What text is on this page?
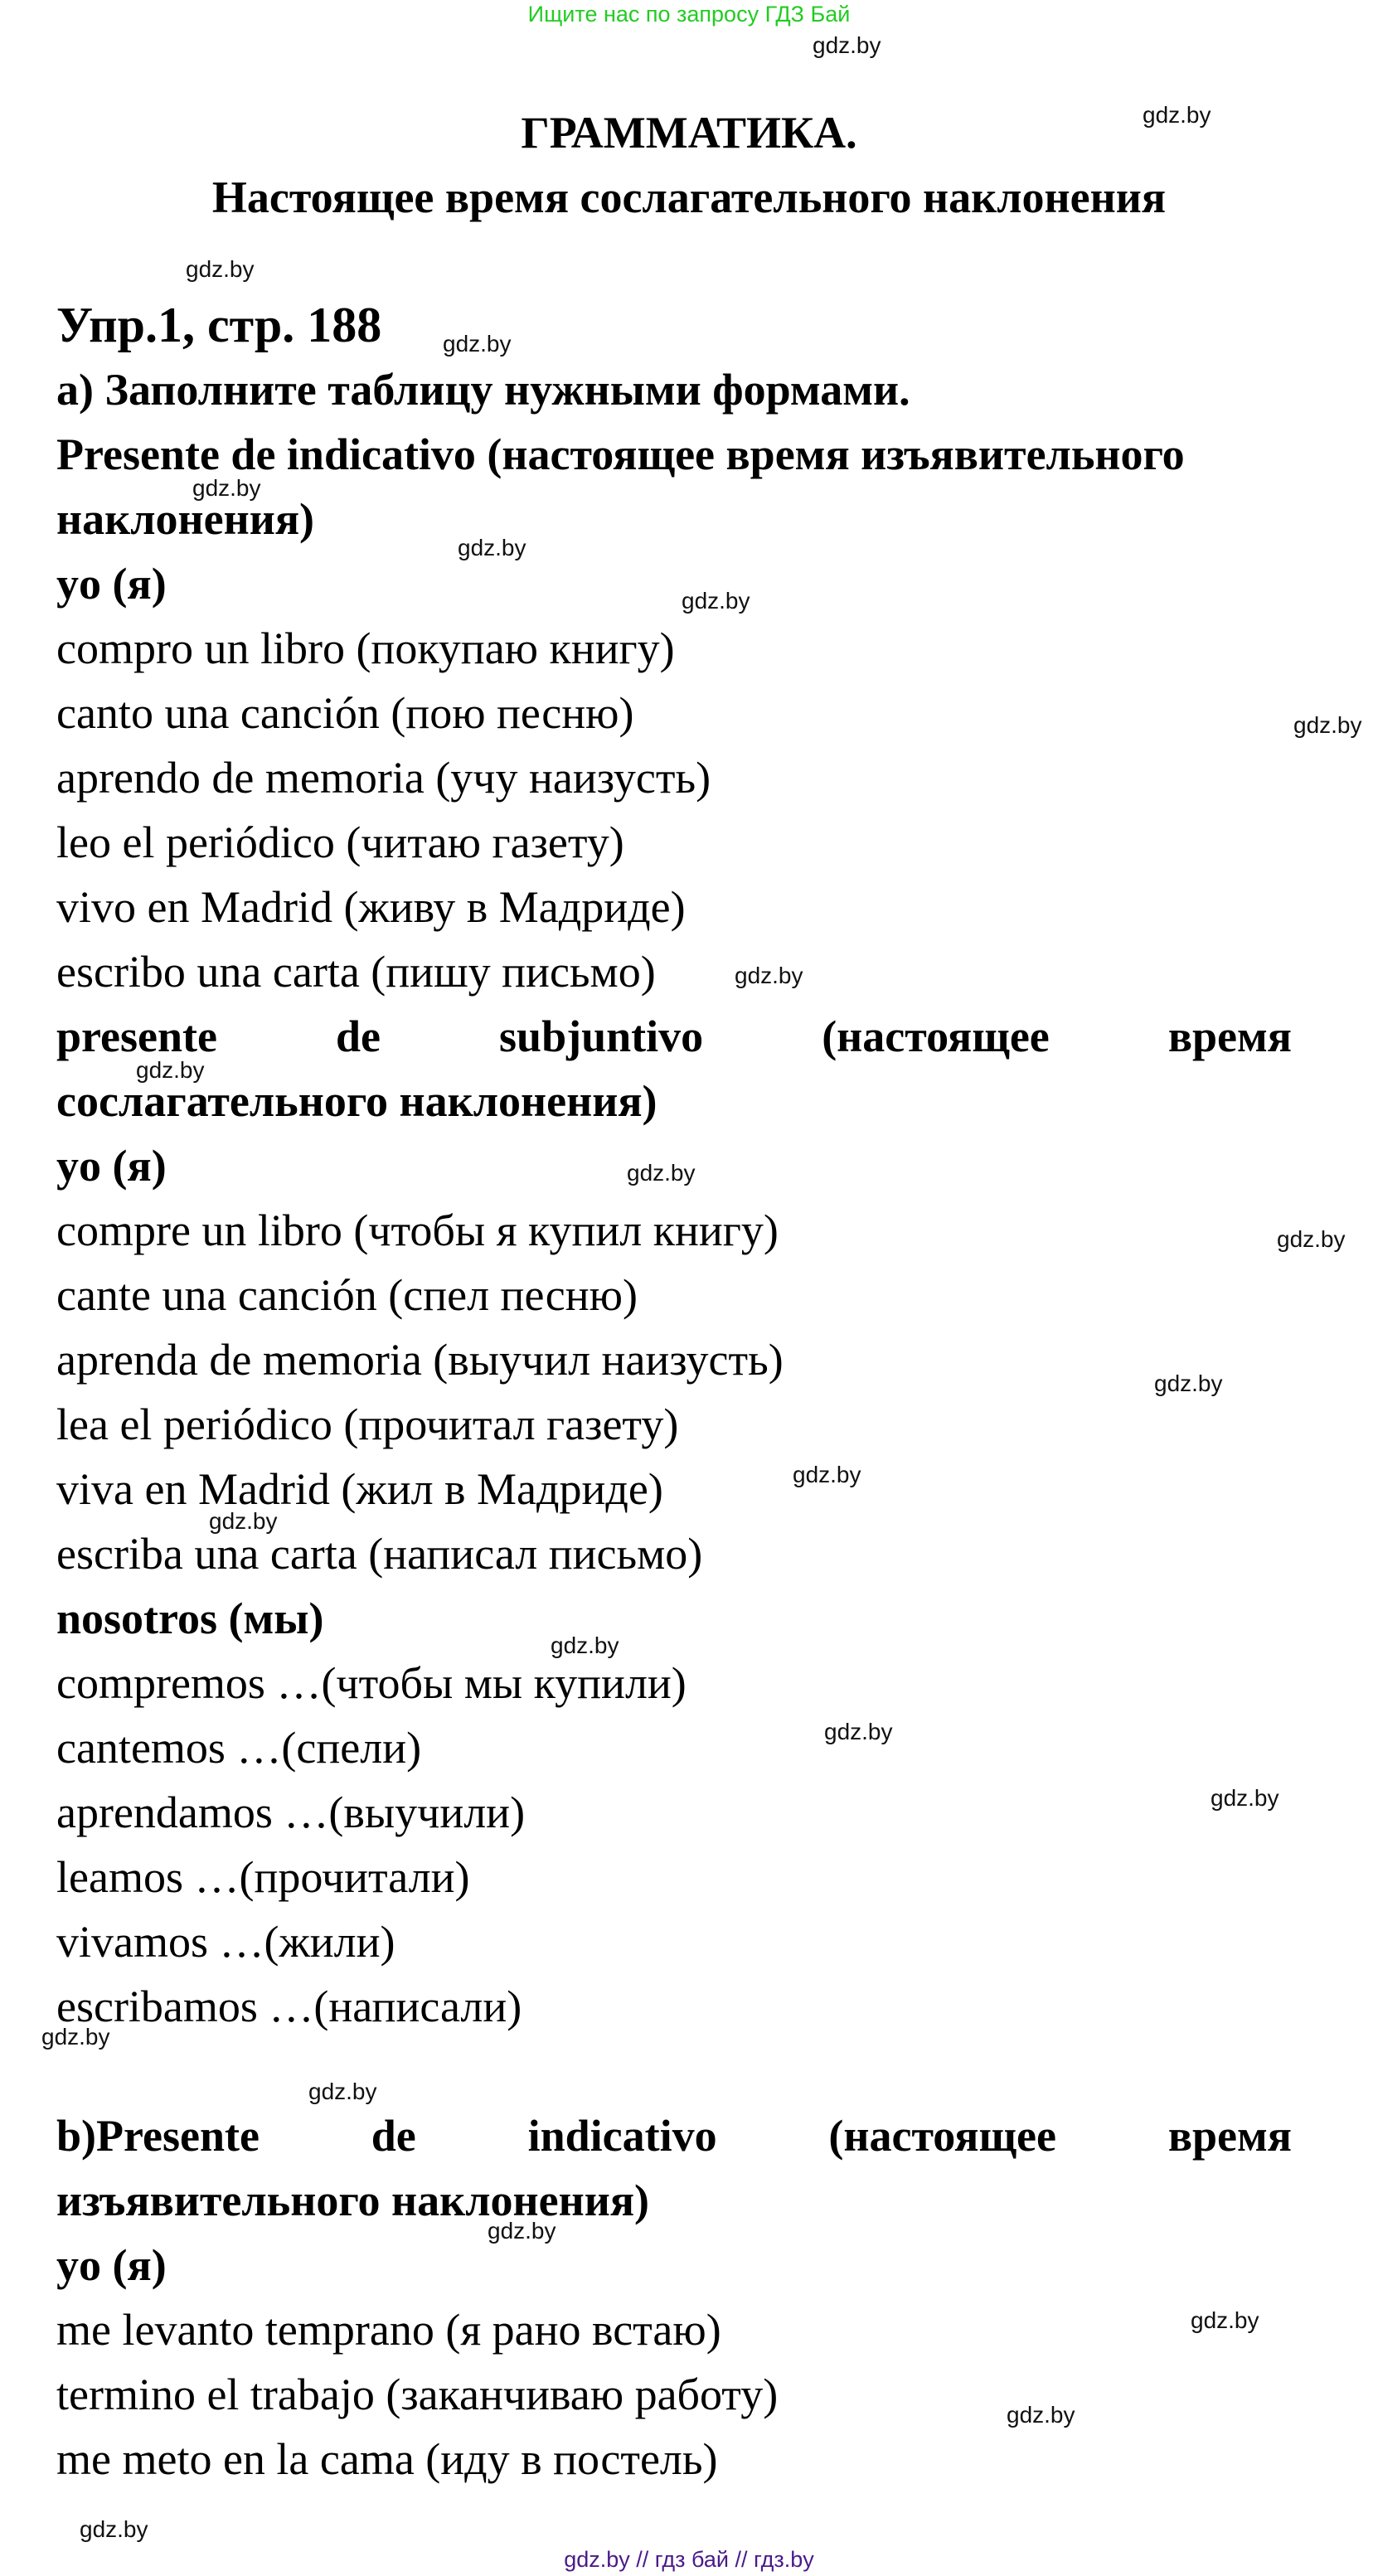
Ищите нас по запросу ГДЗ Бай
ГРАММАТИКА.
Настоящее время сослагательного наклонения
Упр.1, стр. 188
а) Заполните таблицу нужными формами.
Presente de indicativo (настоящее время изъявительного
наклонения)
yo (я)
compro un libro (покупаю книгу)
canto una canción (пою песню)
aprendo de memoria (учу наизусть)
leo el periódico (читаю газету)
vivo en Madrid (живу в Мадриде)
escribo una carta (пишу письмо)
presente	de	subjuntivo	(настоящее	время
сослагательного наклонения)
yo (я)
compre un libro (чтобы я купил книгу)
cante una canción (спел песню)
aprenda de memoria (выучил наизусть)
lea el periódico (прочитал газету)
viva en Madrid (жил в Мадриде)
escriba una carta (написал письмо)
nosotros (мы)
compremos …(чтобы мы купили)
cantemos …(спели)
aprendamos …(выучили)
leamos …(прочитали)
vivamos …(жили)
escribamos …(написали)
b)Presente de indicativo (настоящее время
изъявительного наклонения)
yo (я)
me levanto temprano (я рано встаю)
termino el trabajo (заканчиваю работу)
me meto en la cama (иду в постель)
gdz.by
gdz.by
gdz.by
gdz.by
gdz.by
gdz.by
gdz.by
gdz.by
gdz.by
gdz.by
gdz.by
gdz.by
gdz.by
gdz.by
gdz.by
gdz.by
gdz.by
gdz.by
gdz.by
gdz.by
gdz.by
gdz.by
gdz.by
gdz.by
gdz.by // гдз бай // гдз.by
